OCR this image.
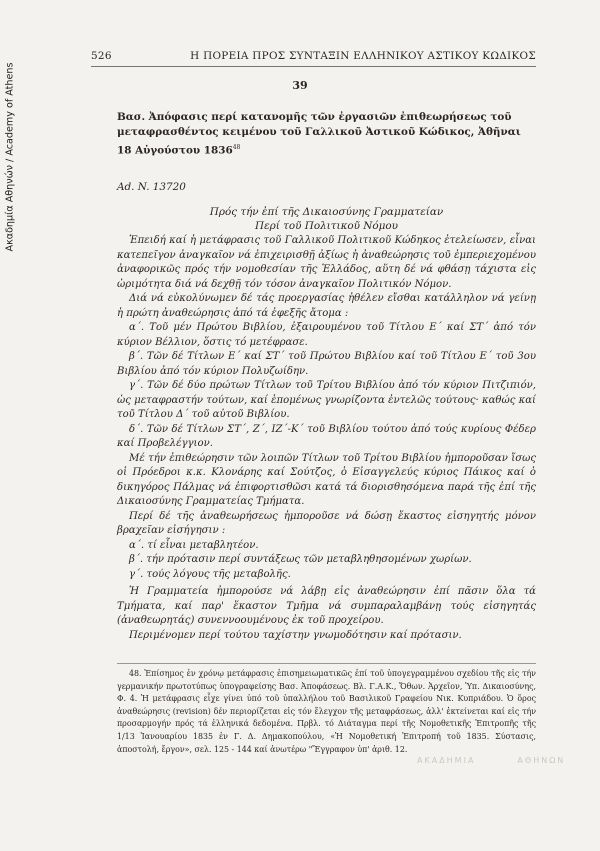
Ακαδημία Αθηνών / Academy of Athens
526	Η ΠΟΡΕΙΑ ΠΡΟΣ ΣΥΝΤΑΞΙΝ ΕΛΛΗΝΙΚΟΥ ΑΣΤΙΚΟΥ ΚΩΔΙΚΟΣ
39
Βασ. Ἀπόφασις περί κατανομῆς τῶν ἐργασιῶν ἐπιθεωρήσεως τοῦ μεταφρασθέντος κειμένου τοῦ Γαλλικοῦ Ἀστικοῦ Κώδικος, Ἀθῆναι 18 Αὐγούστου 1836$^{48}$
Ad. N. 13720
Πρός τήν ἐπί τῆς Δικαιοσύνης Γραμματείαν
Περί τοῦ Πολιτικοῦ Νόμου

Ἐπειδή καί ἡ μετάφρασις τοῦ Γαλλικοῦ Πολιτικοῦ Κώδηκος ἐτελείωσεν, εἶναι κατεπεῖγον ἀναγκαῖον νά ἐπιχειρισθῇ ἀξίως ἡ ἀναθεώρησις τοῦ ἐμπεριεχομένου ἀναφορικῶς πρός τήν νομοθεσίαν τῆς Ἑλλάδος, αὕτη δέ νά φθάσῃ τάχιστα εἰς ὡριμότητα διά νά δεχθῇ τόν τόσον ἀναγκαῖον Πολιτικόν Νόμον.

Διά νά εὐκολύνωμεν δέ τάς προεργασίας ἠθέλεν εἴσθαι κατάλληλον νά γείνῃ ἡ πρώτη ἀναθεώρησις ἀπό τά ἐφεξῆς ἄτομα :

α΄. Τοῦ μέν Πρώτου Βιβλίου, ἐξαιρουμένου τοῦ Τίτλου Ε΄ καί ΣΤ΄ ἀπό τόν κύριον Βέλλιον, ὅστις τό μετέφρασε.

β΄. Τῶν δέ Τίτλων Ε΄ καί ΣΤ΄ τοῦ Πρώτου Βιβλίου καί τοῦ Τίτλου Ε΄ τοῦ 3ου Βιβλίου ἀπό τόν κύριον Πολυζωίδην.

γ΄. Τῶν δέ δύο πρώτων Τίτλων τοῦ Τρίτου Βιβλίου ἀπό τόν κύριον Πιτζιπιόν, ὡς μεταφραστήν τούτων, καί ἑπομένως γνωρίζοντα ἐντελῶς τούτους· καθώς καί τοῦ Τίτλου Δ΄ τοῦ αὐτοῦ Βιβλίου.

δ΄. Τῶν δέ Τίτλων ΣΤ΄, Ζ΄, ΙΖ΄-Κ΄ τοῦ Βιβλίου τούτου ἀπό τούς κυρίους Φέδερ καί Προβελέγγιον.

Μέ τήν ἐπιθεώρησιν τῶν λοιπῶν Τίτλων τοῦ Τρίτου Βιβλίου ἠμποροῦσαν ἴσως οἱ Πρόεδροι κ.κ. Κλονάρης καί Σούτζος, ὁ Εἰσαγγελεύς κύριος Πάικος καί ὁ δικηγόρος Πάλμας νά ἐπιφορτισθῶσι κατά τά διορισθησόμενα παρά τῆς ἐπί τῆς Δικαιοσύνης Γραμματείας Τμήματα.

Περί δέ τῆς ἀναθεωρήσεως ἠμποροῦσε νά δώσῃ ἕκαστος εἰσηγητής μόνον βραχεῖαν εἰσήγησιν :

α΄. τί εἶναι μεταβλητέον.

β΄. τήν πρότασιν περί συντάξεως τῶν μεταβληθησομένων χωρίων.

γ΄. τούς λόγους τῆς μεταβολῆς.

Ἡ Γραμματεία ἠμπορούσε νά λάβῃ εἰς ἀναθεώρησιν ἐπί πᾶσιν ὅλα τά Τμήματα, καί παρ' ἕκαστον Τμῆμα νά συμπαραλαμβάνῃ τούς εἰσηγητάς (ἀναθεωρητάς) συνεννοουμένους ἐκ τοῦ προχείρου.

Περιμένομεν περί τούτου ταχίστην γνωμοδότησιν καί πρότασιν.

48. Ἐπίσημος ἐν χρόνῳ μετάφρασις ἐπισημειωματικῶς ἐπί τοῦ ὑπογεγραμμένου σχεδίου τῆς εἰς τήν γερμανικήν πρωτοτύπως ὑπογραφείσης Βασ. Ἀποφάσεως. Βλ. Γ.Α.Κ., Ὄθων. Ἀρχεῖον, Ὑπ. Δικαιοσύνης, Φ. 4. Ἡ μετάφρασις εἶχε γίνει ὑπό τοῦ ὑπαλλήλου τοῦ Βασιλικοῦ Γραφείου Νικ. Κυπριάδου. Ὁ ὅρος ἀναθεώρησις (revision) δέν περιορίζεται εἰς τόν ἔλεγχον τῆς μεταφράσεως, ἀλλ' ἐκτείνεται καί εἰς τήν προσαρμογήν πρός τά ἑλληνικά δεδομένα. Πρβλ. τό Διάταγμα περί τῆς Νομοθετικῆς Ἐπιτροπῆς τῆς 1/13 Ἰανουαρίου 1835 ἐν Γ. Δ. Δημακοπούλου, «Ἡ Νομοθετική Ἐπιτροπή τοῦ 1835. Σύστασις, ἀποστολή, ἔργον», σελ. 125 - 144 καί ἀνωτέρω "Ἔγγραφον ὑπ' ἀριθ. 12.

ΑΚΑΔΗΜΙΑ	ΑΘΗΝΩΝ
